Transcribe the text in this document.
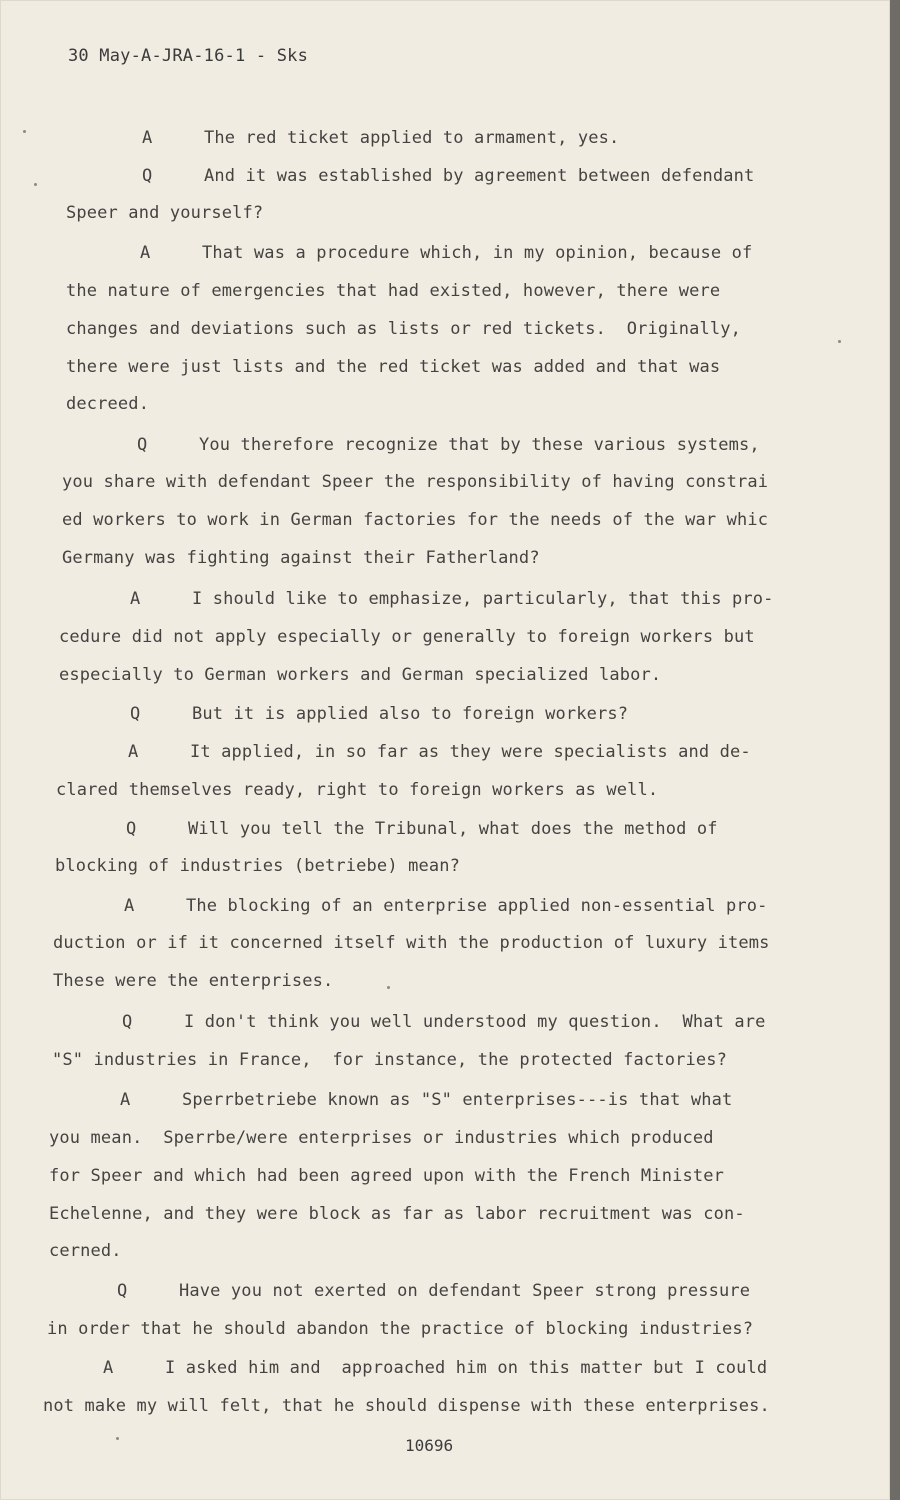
30 May-A-JRA-16-1 - Sks
A	The red ticket applied to armament, yes.
Q	And it was established by agreement between defendant
Speer and yourself?
A	That was a procedure which, in my opinion, because of
the nature of emergencies that had existed, however, there were
changes and deviations such as lists or red tickets.  Originally,
there were just lists and the red ticket was added and that was
decreed.
Q	You therefore recognize that by these various systems,
you share with defendant Speer the responsibility of having constrai
ed workers to work in German factories for the needs of the war whic
Germany was fighting against their Fatherland?
A	I should like to emphasize, particularly, that this pro-
cedure did not apply especially or generally to foreign workers but
especially to German workers and German specialized labor.
Q	But it is applied also to foreign workers?
A	It applied, in so far as they were specialists and de-
clared themselves ready, right to foreign workers as well.
Q	Will you tell the Tribunal, what does the method of
blocking of industries (betriebe) mean?
A	The blocking of an enterprise applied non-essential pro-
duction or if it concerned itself with the production of luxury items
These were the enterprises.
Q	I don't think you well understood my question.  What are
"S" industries in France,  for instance, the protected factories?
A	Sperrbetriebe known as "S" enterprises---is that what
you mean.  Sperrbe/were enterprises or industries which produced
for Speer and which had been agreed upon with the French Minister
Echelenne, and they were block as far as labor recruitment was con-
cerned.
Q	Have you not exerted on defendant Speer strong pressure
in order that he should abandon the practice of blocking industries?
A	I asked him and  approached him on this matter but I could
not make my will felt, that he should dispense with these enterprises.
10696
